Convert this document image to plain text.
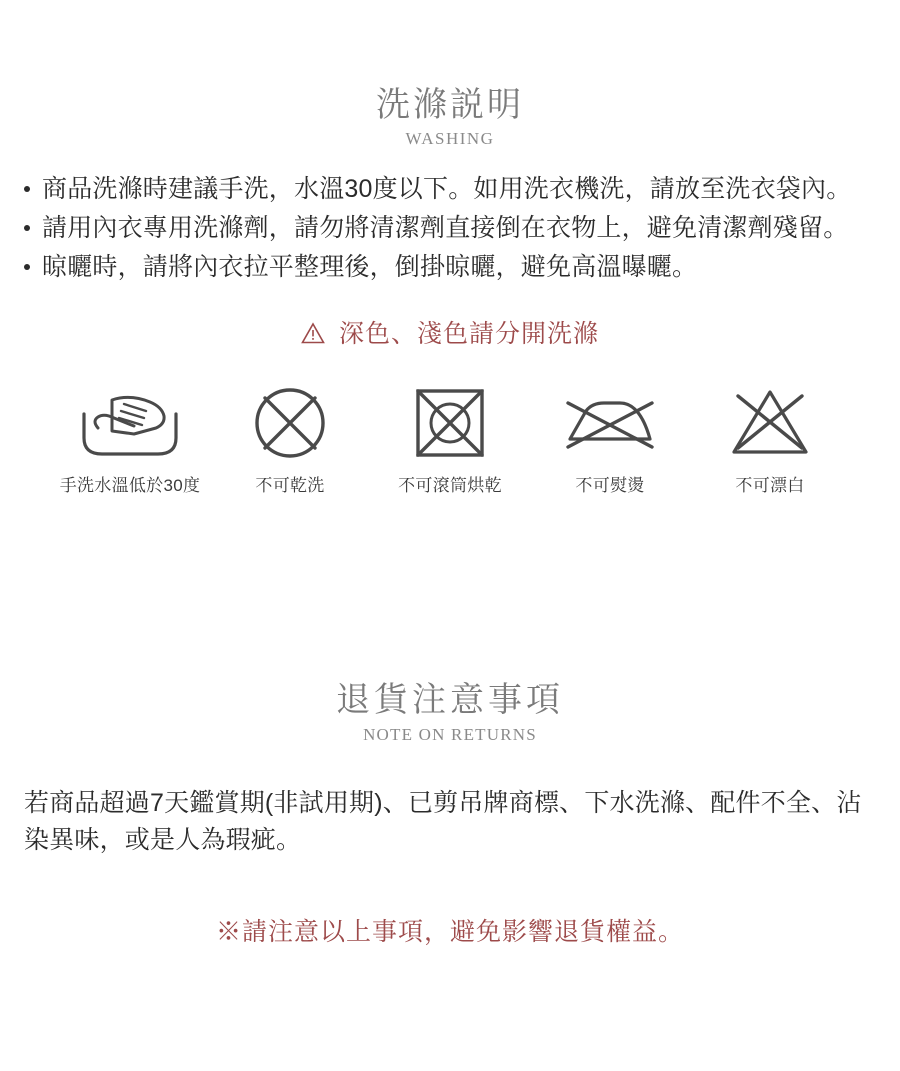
洗滌説明
WASHING
商品洗滌時建議手洗，水溫30度以下。如用洗衣機洗，請放至洗衣袋內。
請用內衣專用洗滌劑，請勿將清潔劑直接倒在衣物上，避免清潔劑殘留。
晾曬時，請將內衣拉平整理後，倒掛晾曬，避免高溫曝曬。
深色、淺色請分開洗滌
手洗水溫低於30度	不可乾洗	不可滾筒烘乾	不可熨燙	不可漂白
退貨注意事項
NOTE ON RETURNS
若商品超過7天鑑賞期(非試用期)、已剪吊牌商標、下水洗滌、配件不全、沾染異味，或是人為瑕疵。
※請注意以上事項，避免影響退貨權益。
